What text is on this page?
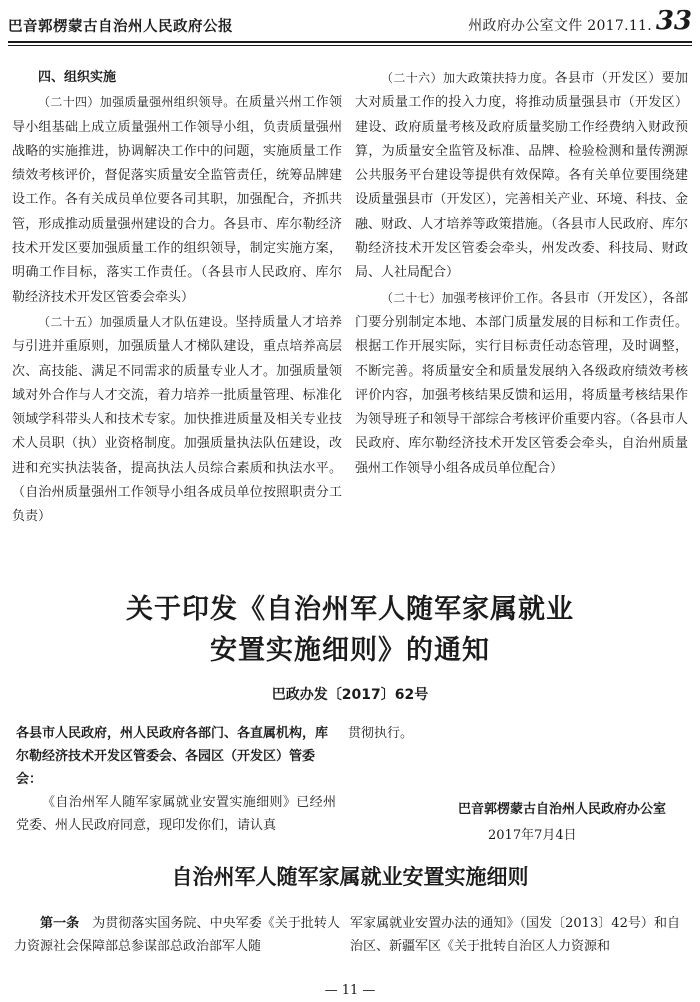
巴音郭楞蒙古自治州人民政府公报	州政府办公室文件 2017.11. 33

四、组织实施

（二十四）加强质量强州组织领导。在质量兴州工作领导小组基础上成立质量强州工作领导小组，负责质量强州战略的实施推进，协调解决工作中的问题，实施质量工作绩效考核评价，督促落实质量安全监管责任，统筹品牌建设工作。各有关成员单位要各司其职，加强配合，齐抓共管，形成推动质量强州建设的合力。各县市、库尔勒经济技术开发区要加强质量工作的组织领导，制定实施方案，明确工作目标，落实工作责任。（各县市人民政府、库尔勒经济技术开发区管委会牵头）

（二十五）加强质量人才队伍建设。坚持质量人才培养与引进并重原则，加强质量人才梯队建设，重点培养高层次、高技能、满足不同需求的质量专业人才。加强质量领域对外合作与人才交流，着力培养一批质量管理、标准化领域学科带头人和技术专家。加快推进质量及相关专业技术人员职（执）业资格制度。加强质量执法队伍建设，改进和充实执法装备，提高执法人员综合素质和执法水平。（自治州质量强州工作领导小组各成员单位按照职责分工负责）

（二十六）加大政策扶持力度。各县市（开发区）要加大对质量工作的投入力度，将推动质量强县市（开发区）建设、政府质量考核及政府质量奖励工作经费纳入财政预算，为质量安全监管及标准、品牌、检验检测和量传溯源公共服务平台建设等提供有效保障。各有关单位要围绕建设质量强县市（开发区），完善相关产业、环境、科技、金融、财政、人才培养等政策措施。（各县市人民政府、库尔勒经济技术开发区管委会牵头，州发改委、科技局、财政局、人社局配合）

（二十七）加强考核评价工作。各县市（开发区），各部门要分别制定本地、本部门质量发展的目标和工作责任。根据工作开展实际，实行目标责任动态管理，及时调整，不断完善。将质量安全和质量发展纳入各级政府绩效考核评价内容，加强考核结果反馈和运用，将质量考核结果作为领导班子和领导干部综合考核评价重要内容。（各县市人民政府、库尔勒经济技术开发区管委会牵头，自治州质量强州工作领导小组各成员单位配合）

关于印发《自治州军人随军家属就业
安置实施细则》的通知
巴政办发〔2017〕62号
各县市人民政府，州人民政府各部门、各直属机构，库尔勒经济技术开发区管委会、各园区（开发区）管委会：

《自治州军人随军家属就业安置实施细则》已经州党委、州人民政府同意，现印发你们，请认真

贯彻执行。
巴音郭楞蒙古自治州人民政府办公室
2017年7月4日
自治州军人随军家属就业安置实施细则
第一条  为贯彻落实国务院、中央军委《关于批转人力资源社会保障部总参谋部总政治部军人随
军家属就业安置办法的通知》（国发〔2013〕42号）和自治区、新疆军区《关于批转自治区人力资源和
— 11 —
